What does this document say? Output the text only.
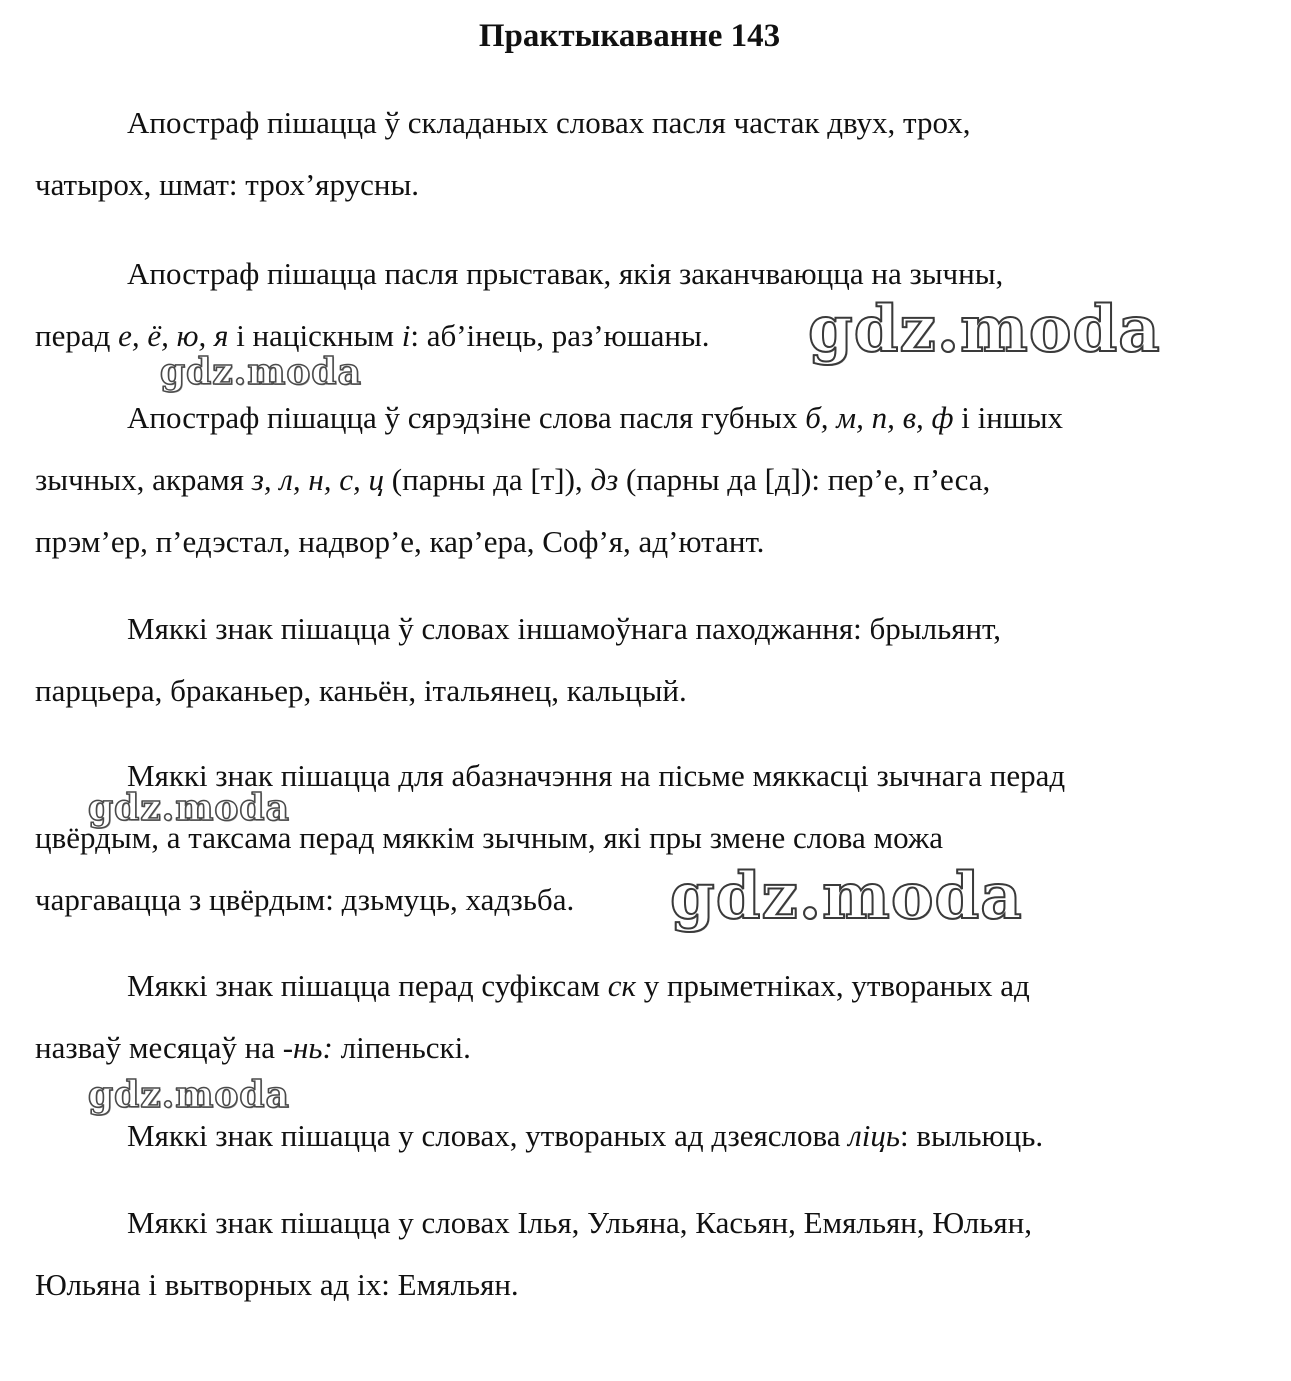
Практыкаванне 143

Апостраф пішацца ў складаных словах пасля частак двух, трох,
чатырох, шмат: трох’ярусны.

Апостраф пішацца пасля прыставак, якія заканчваюцца на зычны,
перад е, ё, ю, я і націскным і: аб’інець, раз’юшаны.

Апостраф пішацца ў сярэдзіне слова пасля губных б, м, п, в, ф і іншых
зычных, акрамя з, л, н, с, ц (парны да [т]), дз (парны да [д]): пер’е, п’еса,
прэм’ер, п’едэстал, надвор’е, кар’ера, Соф’я, ад’ютант.

Мяккі знак пішацца ў словах іншамоўнага паходжання: брыльянт,
парцьера, браканьер, каньён, італьянец, кальцый.

Мяккі знак пішацца для абазначэння на пісьме мяккасці зычнага перад
цвёрдым, а таксама перад мяккім зычным, які пры змене слова можа
чаргавацца з цвёрдым: дзьмуць, хадзьба.

Мяккі знак пішацца перад суфіксам ск у прыметніках, утвораных ад
назваў месяцаў на -нь: ліпеньскі.

Мяккі знак пішацца у словах, утвораных ад дзеяслова ліць: выльюць.

Мяккі знак пішацца у словах Ілья, Ульяна, Касьян, Емяльян, Юльян,
Юльяна і вытворных ад іх: Емяльян.

gdz.moda
gdz.moda
gdz.moda
gdz.moda
gdz.moda
